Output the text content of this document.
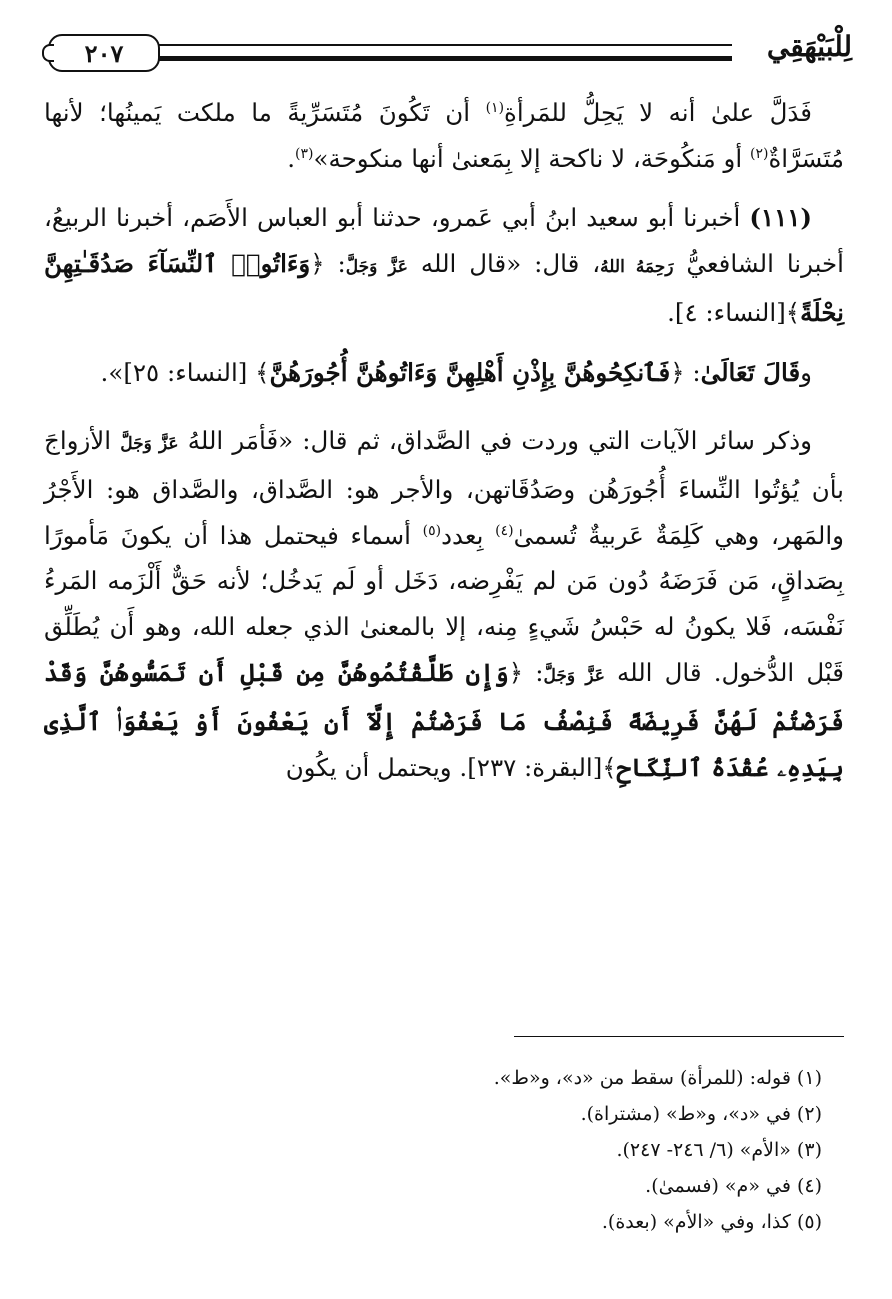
٢٠٧	لِلْبَيْهَقِي

فَدَلَّ علىٰ أنه لا يَحِلُّ للمَرأةِ$^{(١)}$ أن تَكُونَ مُتَسَرِّيةً ما ملكت يَمينُها؛ لأنها مُتَسَرَّاةٌ$^{(٢)}$ أو مَنكُوحَة، لا ناكحة إلا بِمَعنىٰ أنها منكوحة»$^{(٣)}$.

(١١١) أخبرنا أبو سعيد ابنُ أبي عَمرو، حدثنا أبو العباس الأَصَم، أخبرنا الربيعُ، أخبرنا الشافعيُّ رَحِمَهُ اللهُ، قال: «قال الله عَزَّ وَجَلَّ: ﴿وَءَاتُوا۟ ٱلنِّسَآءَ صَدُقَـٰتِهِنَّ نِحْلَةً﴾[النساء: ٤].

وقَالَ تَعَالَىٰ: ﴿فَٱنكِحُوهُنَّ بِإِذْنِ أَهْلِهِنَّ وَءَاتُوهُنَّ أُجُورَهُنَّ﴾ [النساء: ٢٥]».

وذكر سائر الآيات التي وردت في الصَّداق، ثم قال: «فَأمَر اللهُ عَزَّ وَجَلَّ الأزواجَ بأن يُؤتُوا النِّساءَ أُجُورَهُن وصَدُقَاتهن، والأجر هو: الصَّداق، والصَّداق هو: الأَجْرُ والمَهر، وهي كَلِمَةٌ عَربيةٌ تُسمىٰ$^{(٤)}$ بِعدد$^{(٥)}$ أسماء فيحتمل هذا أن يكونَ مَأمورًا بِصَداقٍ، مَن فَرَضَهُ دُون مَن لم يَفْرِضه، دَخَل أو لَم يَدخُل؛ لأنه حَقٌّ أَلْزَمه المَرءُ نَفْسَه، فَلا يكونُ له حَبْسُ شَيءٍ مِنه، إلا بالمعنىٰ الذي جعله الله، وهو أَن يُطَلِّق قَبْل الدُّخول. قال الله عَزَّ وَجَلَّ: ﴿وَإِن طَلَّقْتُمُوهُنَّ مِن قَبْلِ أَن تَمَسُّوهُنَّ وَقَدْ فَرَضْتُمْ لَهُنَّ فَرِيضَةً فَنِصْفُ مَا فَرَضْتُمْ إِلَّآ أَن يَعْفُونَ أَوْ يَعْفُوَا۟ ٱلَّذِى بِيَدِهِۦ عُقْدَةُ ٱلنِّكَاحِ﴾[البقرة: ٢٣٧]. ويحتمل أن يكُون

(١) قوله: (للمرأة) سقط من «د»، و«ط».
(٢) في «د»، و«ط» (مشتراة).
(٣) «الأم» (٦/ ٢٤٦- ٢٤٧).
(٤) في «م» (فسمىٰ).
(٥) كذا، وفي «الأم» (بعدة).
